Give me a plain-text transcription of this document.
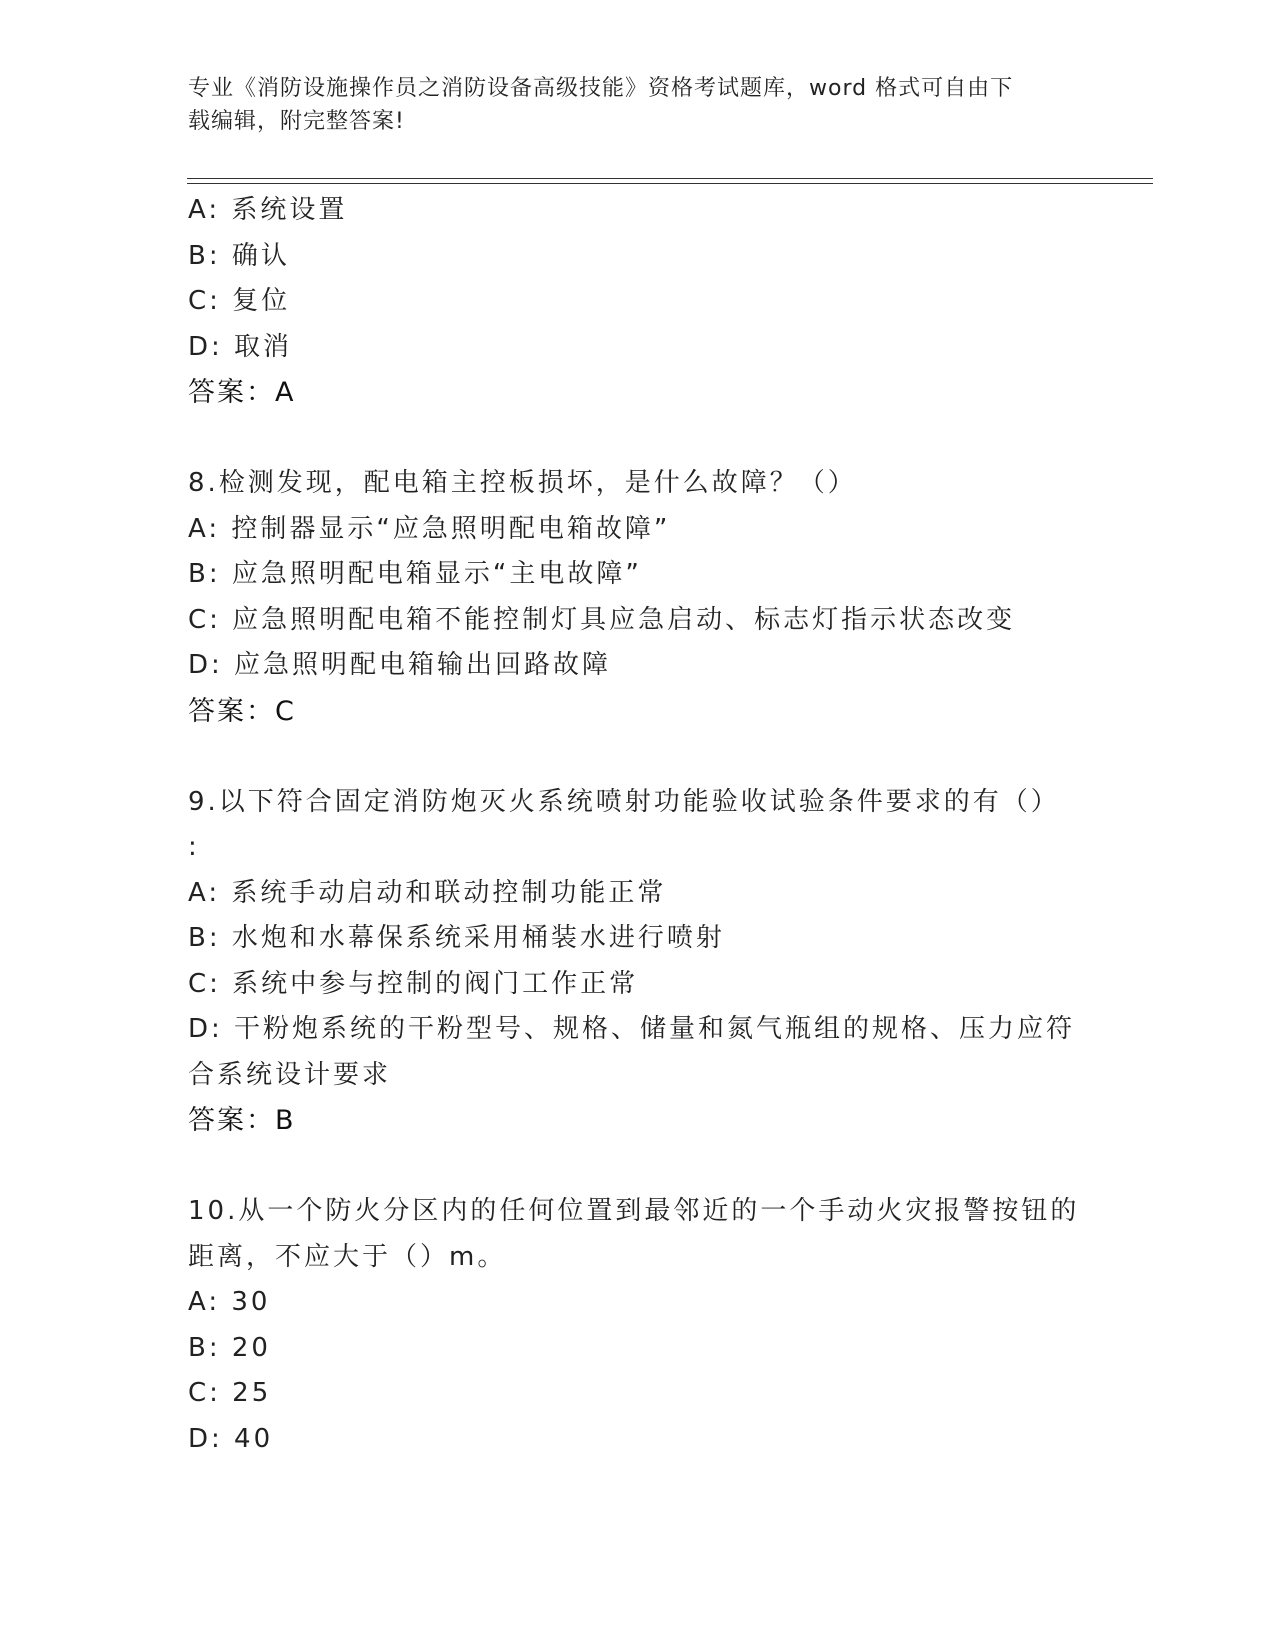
专业《消防设施操作员之消防设备高级技能》资格考试题库，word 格式可自由下
载编辑，附完整答案!
A: 系统设置
B: 确认
C: 复位
D: 取消
答案：A
8.检测发现，配电箱主控板损坏，是什么故障？（）
A: 控制器显示“应急照明配电箱故障”
B: 应急照明配电箱显示“主电故障”
C: 应急照明配电箱不能控制灯具应急启动、标志灯指示状态改变
D: 应急照明配电箱输出回路故障
答案：C
9.以下符合固定消防炮灭火系统喷射功能验收试验条件要求的有（）
:
A: 系统手动启动和联动控制功能正常
B: 水炮和水幕保系统采用桶装水进行喷射
C: 系统中参与控制的阀门工作正常
D: 干粉炮系统的干粉型号、规格、储量和氮气瓶组的规格、压力应符
合系统设计要求
答案：B
10.从一个防火分区内的任何位置到最邻近的一个手动火灾报警按钮的
距离，不应大于（）m。
A: 30
B: 20
C: 25
D: 40
